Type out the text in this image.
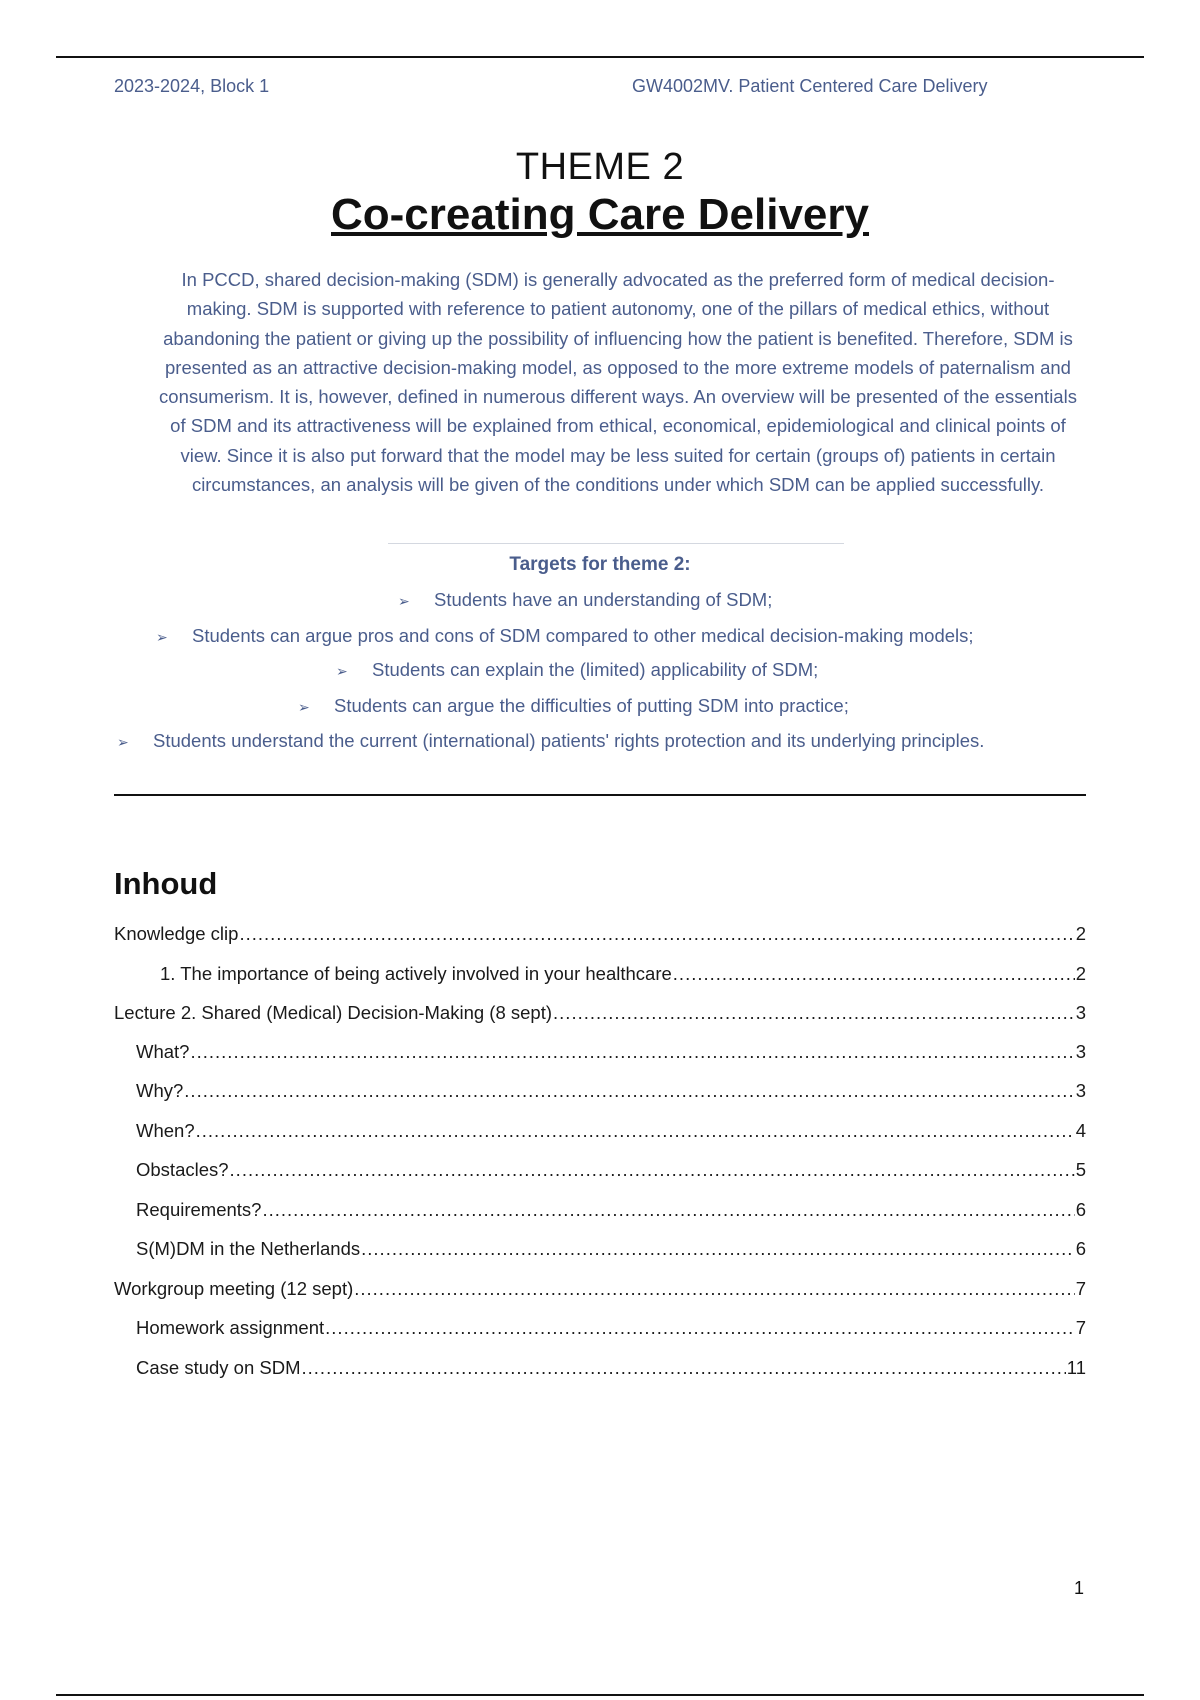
2023-2024, Block 1	GW4002MV. Patient Centered Care Delivery
THEME 2
Co-creating Care Delivery
In PCCD, shared decision-making (SDM) is generally advocated as the preferred form of medical decision-making. SDM is supported with reference to patient autonomy, one of the pillars of medical ethics, without abandoning the patient or giving up the possibility of influencing how the patient is benefited. Therefore, SDM is presented as an attractive decision-making model, as opposed to the more extreme models of paternalism and consumerism. It is, however, defined in numerous different ways. An overview will be presented of the essentials of SDM and its attractiveness will be explained from ethical, economical, epidemiological and clinical points of view. Since it is also put forward that the model may be less suited for certain (groups of) patients in certain circumstances, an analysis will be given of the conditions under which SDM can be applied successfully.
Targets for theme 2:
➢ Students have an understanding of SDM;
➢ Students can argue pros and cons of SDM compared to other medical decision-making models;
➢ Students can explain the (limited) applicability of SDM;
➢ Students can argue the difficulties of putting SDM into practice;
➢ Students understand the current (international) patients' rights protection and its underlying principles.
Inhoud
Knowledge clip .....	2
1. The importance of being actively involved in your healthcare .....	2
Lecture 2. Shared (Medical) Decision-Making (8 sept) .....	3
What? .....	3
Why? .....	3
When? .....	4
Obstacles? .....	5
Requirements? .....	6
S(M)DM in the Netherlands .....	6
Workgroup meeting (12 sept) .....	7
Homework assignment .....	7
Case study on SDM .....	11
1
